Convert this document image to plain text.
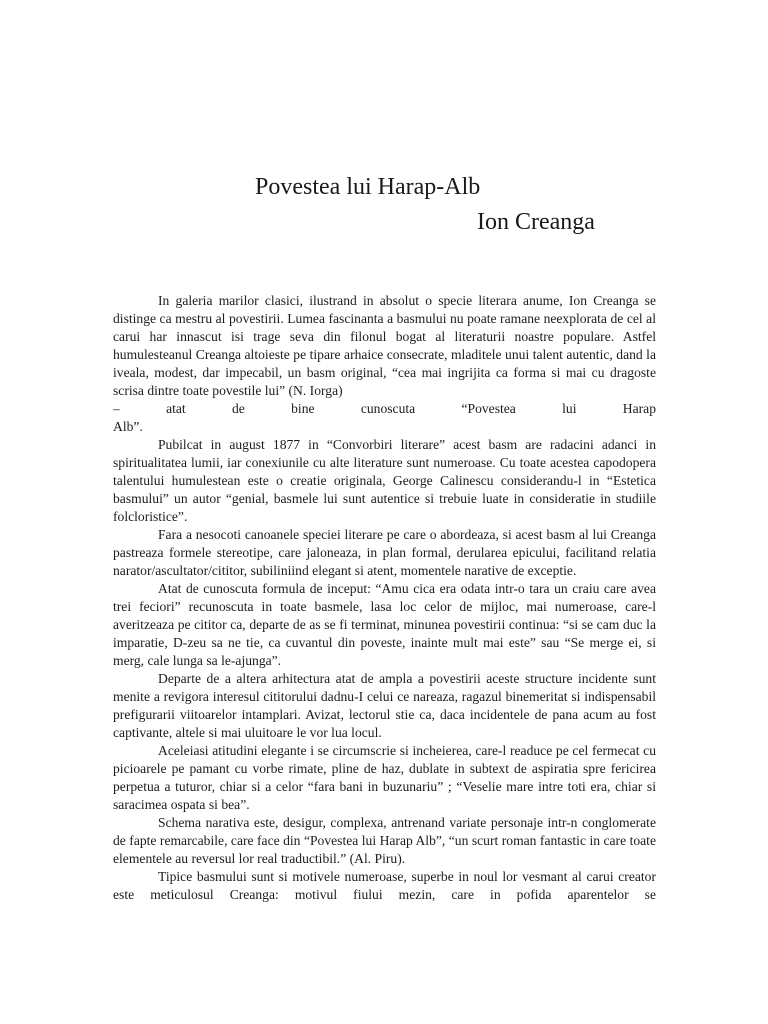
Povestea lui Harap-Alb
Ion Creanga

In galeria marilor clasici, ilustrand in absolut o specie literara anume, Ion Creanga se distinge ca mestru al povestirii. Lumea fascinanta a basmului nu poate ramane neexplorata de cel al carui har innascut isi trage seva din filonul bogat al literaturii noastre populare. Astfel humulesteanul Creanga altoieste pe tipare arhaice consecrate, mladitele unui talent autentic, dand la iveala, modest, dar impecabil, un basm original, “cea mai ingrijita ca forma si mai cu dragoste scrisa dintre toate povestile lui” (N. Iorga)
– atat de bine cunoscuta “Povestea lui Harap
Alb”.

Pubilcat in august 1877 in “Convorbiri literare” acest basm are radacini adanci in spiritualitatea lumii, iar conexiunile cu alte literature sunt numeroase. Cu toate acestea capodopera talentului humulestean este o creatie originala, George Calinescu considerandu-l in “Estetica basmului” un autor “genial, basmele lui sunt autentice si trebuie luate in consideratie in studiile folcloristice”.

Fara a nesocoti canoanele speciei literare pe care o abordeaza, si acest basm al lui Creanga pastreaza formele stereotipe, care jaloneaza, in plan formal, derularea epicului, facilitand relatia narator/ascultator/cititor, subiliniind elegant si atent, momentele narative de exceptie.

Atat de cunoscuta formula de inceput: “Amu cica era odata intr-o tara un craiu care avea trei feciori” recunoscuta in toate basmele, lasa loc celor de mijloc, mai numeroase, care-l averitzeaza pe cititor ca, departe de as se fi terminat, minunea povestirii continua: “si se cam duc la imparatie, D-zeu sa ne tie, ca cuvantul din poveste, inainte mult mai este” sau “Se merge ei, si merg, cale lunga sa le-ajunga”.

Departe de a altera arhitectura atat de ampla a povestirii aceste structure incidente sunt menite a revigora interesul cititorului dadnu-I celui ce nareaza, ragazul binemeritat si indispensabil prefigurarii viitoarelor intamplari. Avizat, lectorul stie ca, daca incidentele de pana acum au fost captivante, altele si mai uluitoare le vor lua locul.

Aceleiasi atitudini elegante i se circumscrie si incheierea, care-l readuce pe cel fermecat cu picioarele pe pamant cu vorbe rimate, pline de haz, dublate in subtext de aspiratia spre fericirea perpetua a tuturor, chiar si a celor “fara bani in buzunariu” ; “Veselie mare intre toti era, chiar si saracimea ospata si bea”.

Schema narativa este, desigur, complexa, antrenand variate personaje intr-n conglomerate de fapte remarcabile, care face din “Povestea lui Harap Alb”, “un scurt roman fantastic in care toate elementele au reversul lor real traductibil.” (Al. Piru).

Tipice basmului sunt si motivele numeroase, superbe in noul lor vesmant al carui creator este meticulosul Creanga: motivul fiului mezin, care in pofida aparentelor se
